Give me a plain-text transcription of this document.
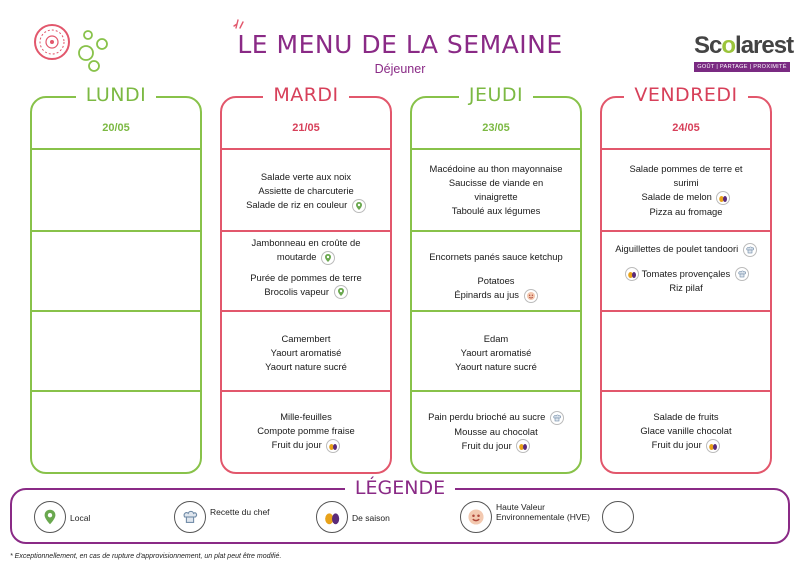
LE MENU DE LA SEMAINE
Déjeuner
Scolarest
GOÛT | PARTAGE | PROXIMITÉ
LUNDI
20/05
MARDI
21/05

Salade verte aux noix

Assiette de charcuterie

Salade de riz en couleur

Jambonneau en croûte de

moutarde

Purée de pommes de terre

Brocolis vapeur

Camembert

Yaourt aromatisé

Yaourt nature sucré

Mille-feuilles

Compote pomme fraise

Fruit du jour

JEUDI
23/05

Macédoine au thon mayonnaise

Saucisse de viande en

vinaigrette

Taboulé aux légumes

Encornets panés sauce ketchup

Potatoes

Épinards au jus

Edam

Yaourt aromatisé

Yaourt nature sucré

Pain perdu brioché au sucre

Mousse au chocolat

Fruit du jour

VENDREDI
24/05

Salade pommes de terre et

surimi

Salade de melon

Pizza au fromage

Aiguillettes de poulet tandoori

Tomates provençales

Riz pilaf

Salade de fruits

Glace vanille chocolat

Fruit du jour

LÉGENDE
Local
Recette du chef
De saison
Haute Valeur Environnementale (HVE)
* Exceptionnellement, en cas de rupture d'approvisionnement, un plat peut être modifié.
